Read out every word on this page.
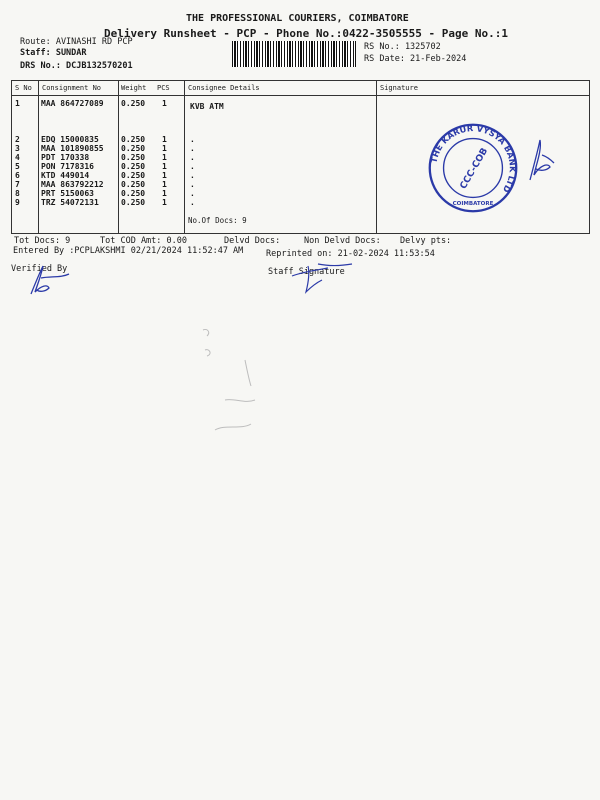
THE PROFESSIONAL COURIERS, COIMBATORE
Delivery Runsheet - PCP - Phone No.:0422-3505555 - Page No.:1
Route: AVINASHI RD PCP
Staff: SUNDAR
DRS No.: DCJB132570201
RS No.: 1325702
RS Date: 21-Feb-2024
S No Consignment No	Weight PCS	Consignee Details	Signature
1	MAA 864727089 0.250 1	KVB ATM
2	EDQ 15000835	0.250 1	.
3	MAA 101890855 0.250 1	.
4	PDT 170338	0.250 1	.
5	PON 7178316	0.250 1	.
6	KTD 449014	0.250 1	.
7	MAA 863792212 0.250 1	.
8	PRT 5150063	0.250 1	.
9	TRZ 54072131	0.250 1	.
No.Of Docs: 9
THE KARUR VYSYA BANK LTD
CCC-COB
COIMBATORE
Tot Docs: 9	Tot COD Amt: 0.00	Delvd Docs:	Non Delvd Docs: Delvy pts:
Entered By :PCPLAKSHMI 02/21/2024 11:52:47 AM	Reprinted on: 21-02-2024 11:53:54
Verified By	Staff Signature
